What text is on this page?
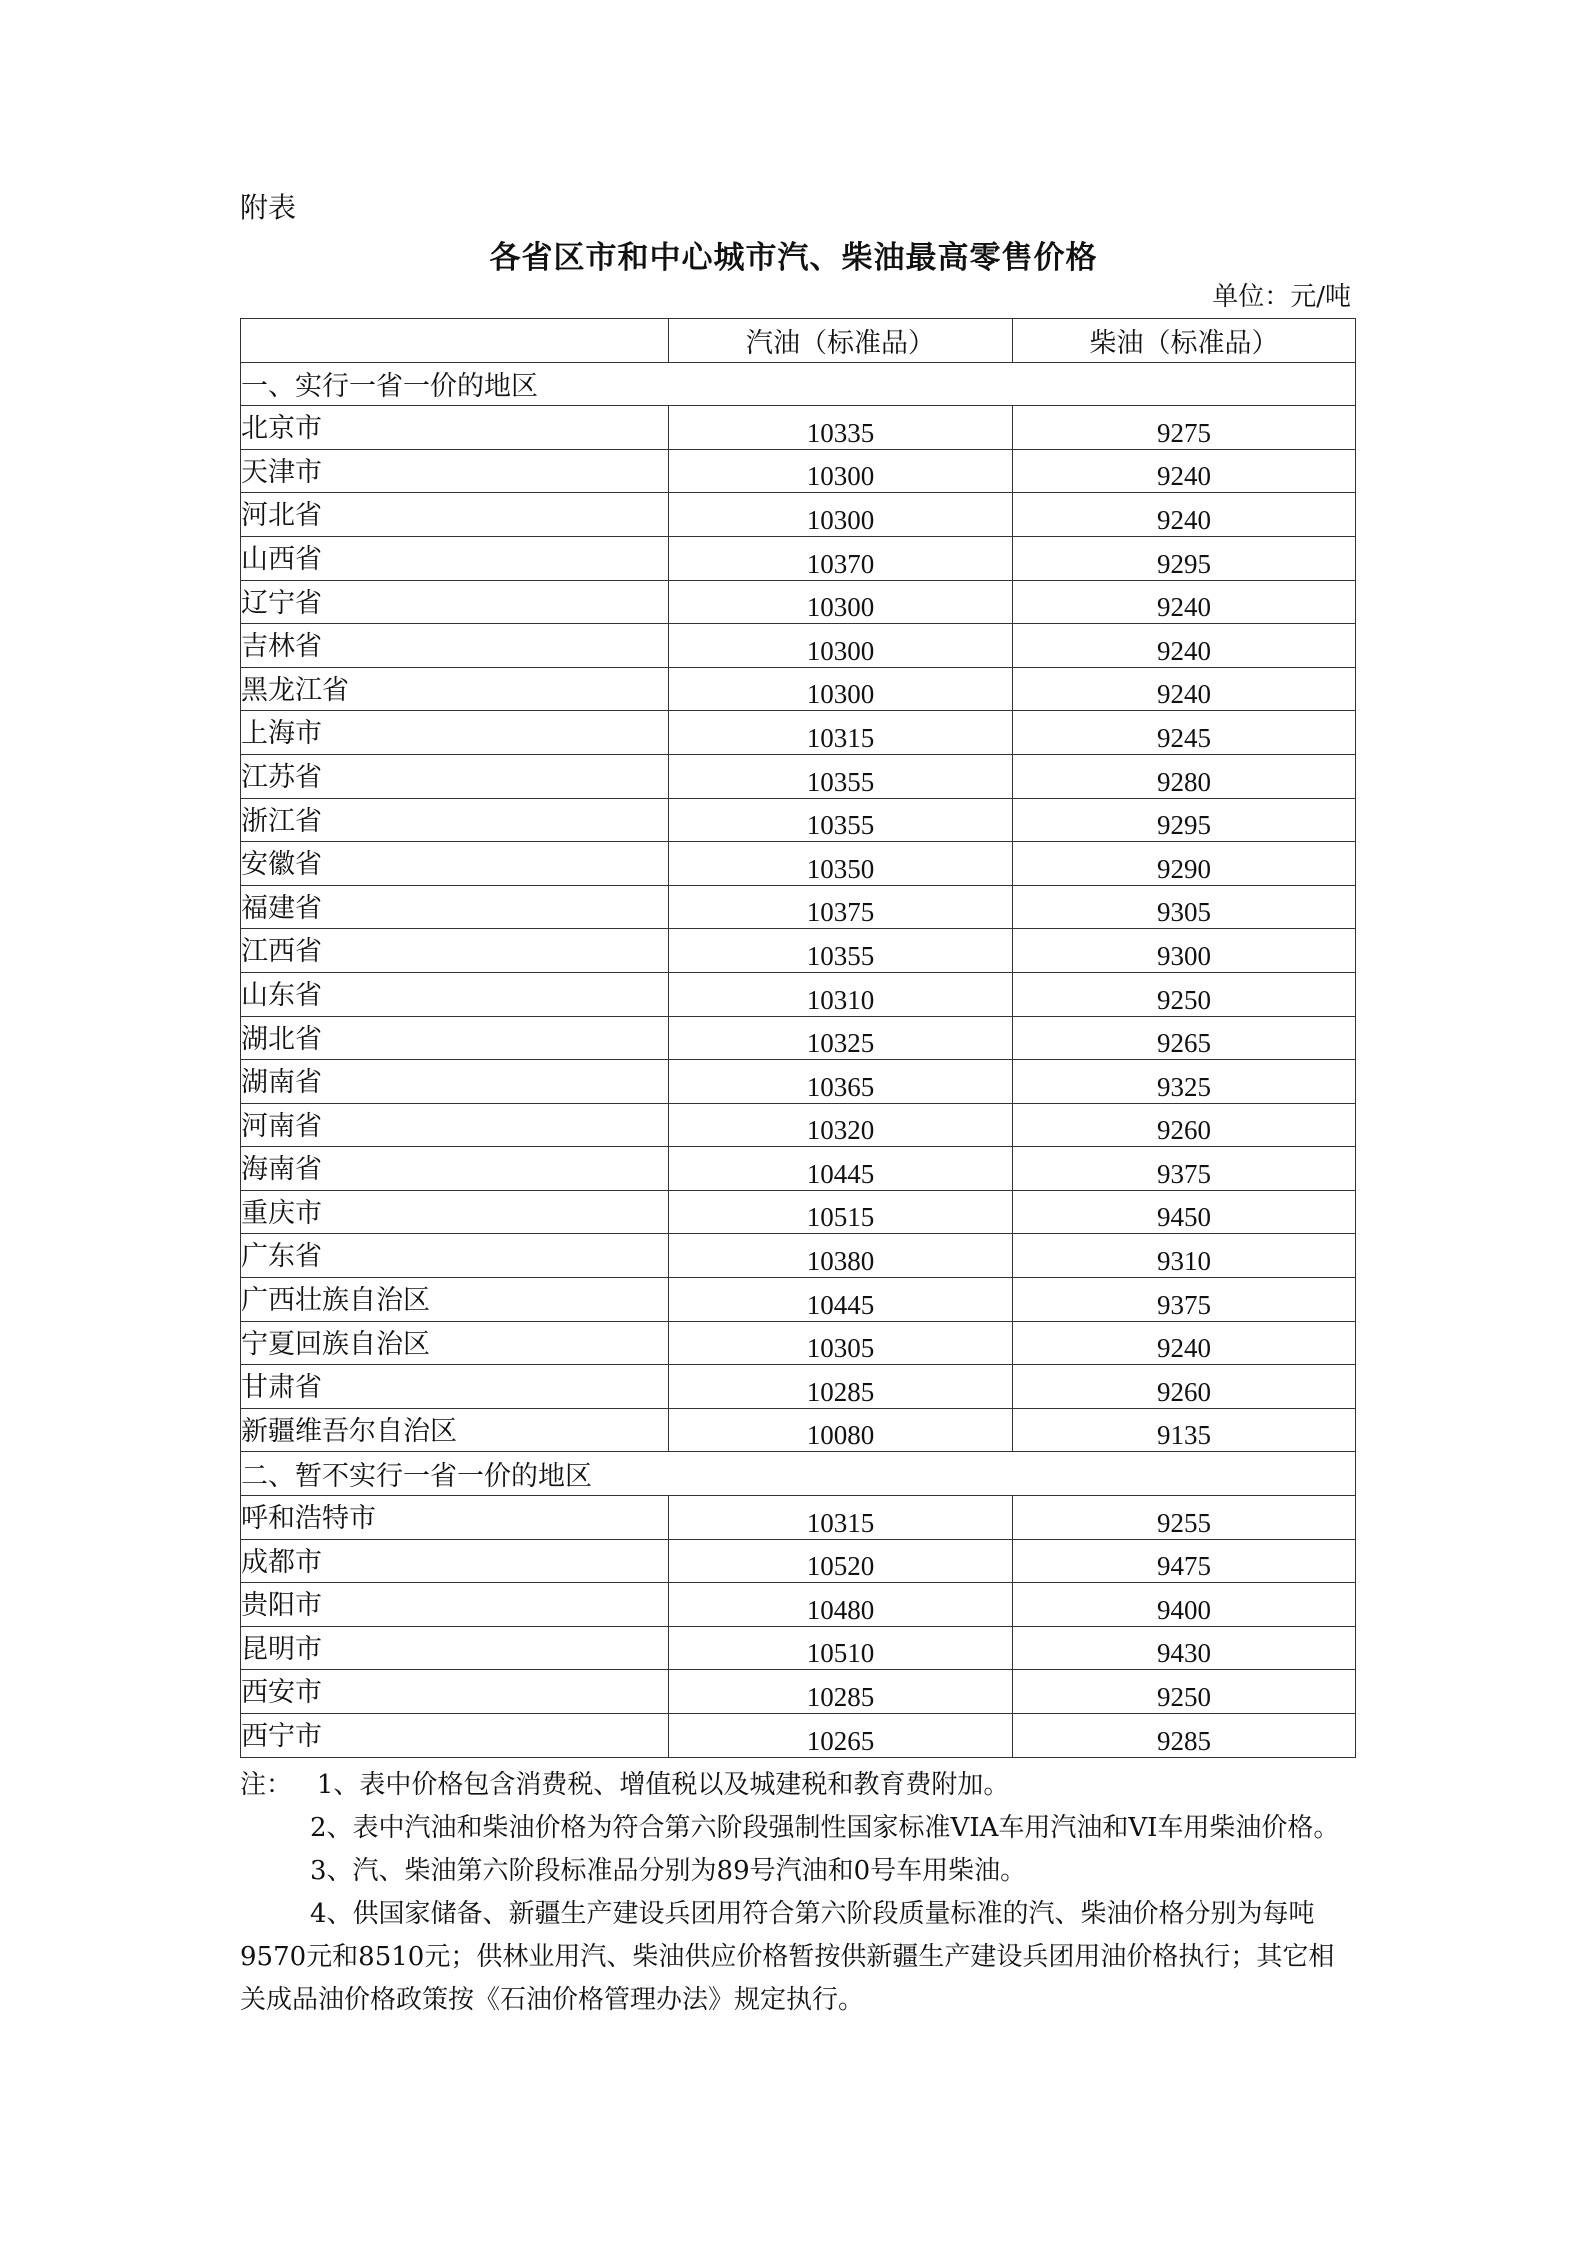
附表
各省区市和中心城市汽、柴油最高零售价格
单位：元/吨
	汽油（标准品）	柴油（标准品）
一、实行一省一价的地区		
北京市	10335	9275
天津市	10300	9240
河北省	10300	9240
山西省	10370	9295
辽宁省	10300	9240
吉林省	10300	9240
黑龙江省	10300	9240
上海市	10315	9245
江苏省	10355	9280
浙江省	10355	9295
安徽省	10350	9290
福建省	10375	9305
江西省	10355	9300
山东省	10310	9250
湖北省	10325	9265
湖南省	10365	9325
河南省	10320	9260
海南省	10445	9375
重庆市	10515	9450
广东省	10380	9310
广西壮族自治区	10445	9375
宁夏回族自治区	10305	9240
甘肃省	10285	9260
新疆维吾尔自治区	10080	9135
二、暂不实行一省一价的地区		
呼和浩特市	10315	9255
成都市	10520	9475
贵阳市	10480	9400
昆明市	10510	9430
西安市	10285	9250
西宁市	10265	9285

注： 1、表中价格包含消费税、增值税以及城建税和教育费附加。

2、表中汽油和柴油价格为符合第六阶段强制性国家标准VIA车用汽油和VI车用柴油价格。

3、汽、柴油第六阶段标准品分别为89号汽油和0号车用柴油。

4、供国家储备、新疆生产建设兵团用符合第六阶段质量标准的汽、柴油价格分别为每吨9570元和8510元；供林业用汽、柴油供应价格暂按供新疆生产建设兵团用油价格执行；其它相关成品油价格政策按《石油价格管理办法》规定执行。
